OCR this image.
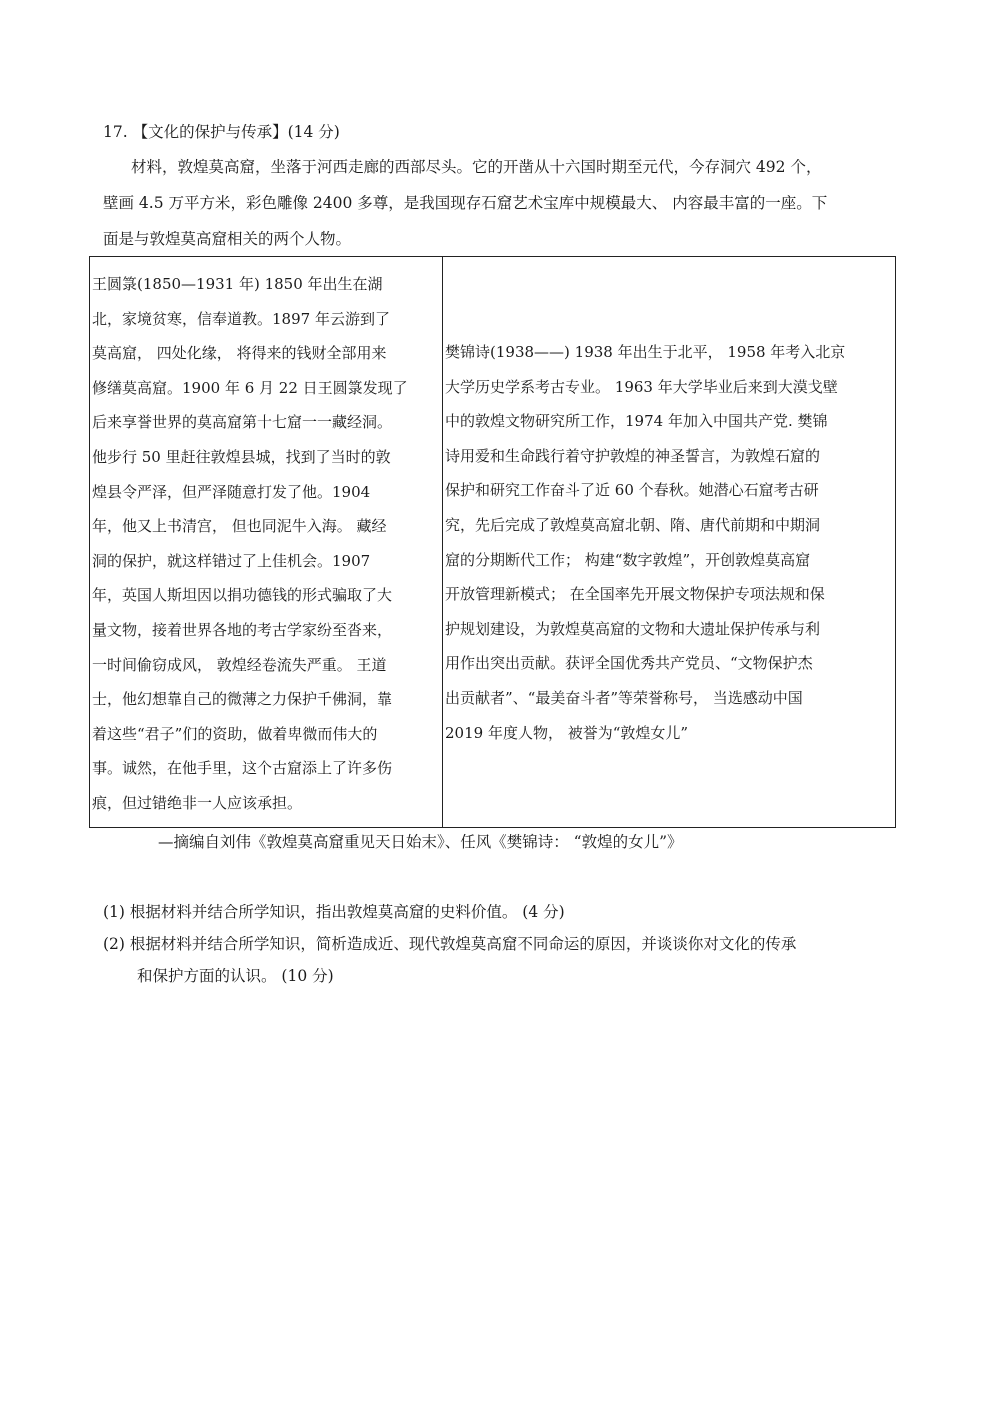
17. 【文化的保护与传承】(14 分)
材料，敦煌莫高窟，坐落于河西走廊的西部尽头。它的开凿从十六国时期至元代，今存洞穴 492 个，
壁画 4.5 万平方米，彩色雕像 2400 多尊，是我国现存石窟艺术宝库中规模最大、 内容最丰富的一座。下
面是与敦煌莫高窟相关的两个人物。
王圆箓(1850—1931 年) 1850 年出生在湖
北，家境贫寒，信奉道教。1897 年云游到了
莫高窟， 四处化缘， 将得来的钱财全部用来
修缮莫高窟。1900 年 6 月 22 日王圆箓发现了
后来享誉世界的莫高窟第十七窟一一藏经洞。
他步行 50 里赶往敦煌县城，找到了当时的敦
煌县令严泽，但严泽随意打发了他。1904
年，他又上书清宫， 但也同泥牛入海。 藏经
洞的保护，就这样错过了上佳机会。1907
年，英国人斯坦因以捐功德钱的形式骗取了大
量文物，接着世界各地的考古学家纷至沓来，
一时间偷窃成风， 敦煌经卷流失严重。 王道
士，他幻想靠自己的微薄之力保护千佛洞，靠
着这些“君子”们的资助，做着卑微而伟大的
事。诚然，在他手里，这个古窟添上了许多伤
痕，但过错绝非一人应该承担。

樊锦诗(1938——) 1938 年出生于北平， 1958 年考入北京
大学历史学系考古专业。 1963 年大学毕业后来到大漠戈壁
中的敦煌文物研究所工作，1974 年加入中国共产党. 樊锦
诗用爱和生命践行着守护敦煌的神圣誓言，为敦煌石窟的
保护和研究工作奋斗了近 60 个春秋。她潜心石窟考古研
究，先后完成了敦煌莫高窟北朝、隋、唐代前期和中期洞
窟的分期断代工作； 构建“数字敦煌”，开创敦煌莫高窟
开放管理新模式； 在全国率先开展文物保护专项法规和保
护规划建设，为敦煌莫高窟的文物和大遗址保护传承与利
用作出突出贡献。获评全国优秀共产党员、“文物保护杰
出贡献者”、“最美奋斗者”等荣誉称号， 当选感动中国
2019 年度人物， 被誉为“敦煌女儿”
—摘编自刘伟《敦煌莫高窟重见天日始末》、任风《樊锦诗： “敦煌的女儿”》
(1) 根据材料并结合所学知识，指出敦煌莫高窟的史料价值。 (4 分)
(2) 根据材料并结合所学知识，简析造成近、现代敦煌莫高窟不同命运的原因，并谈谈你对文化的传承
和保护方面的认识。 (10 分)
